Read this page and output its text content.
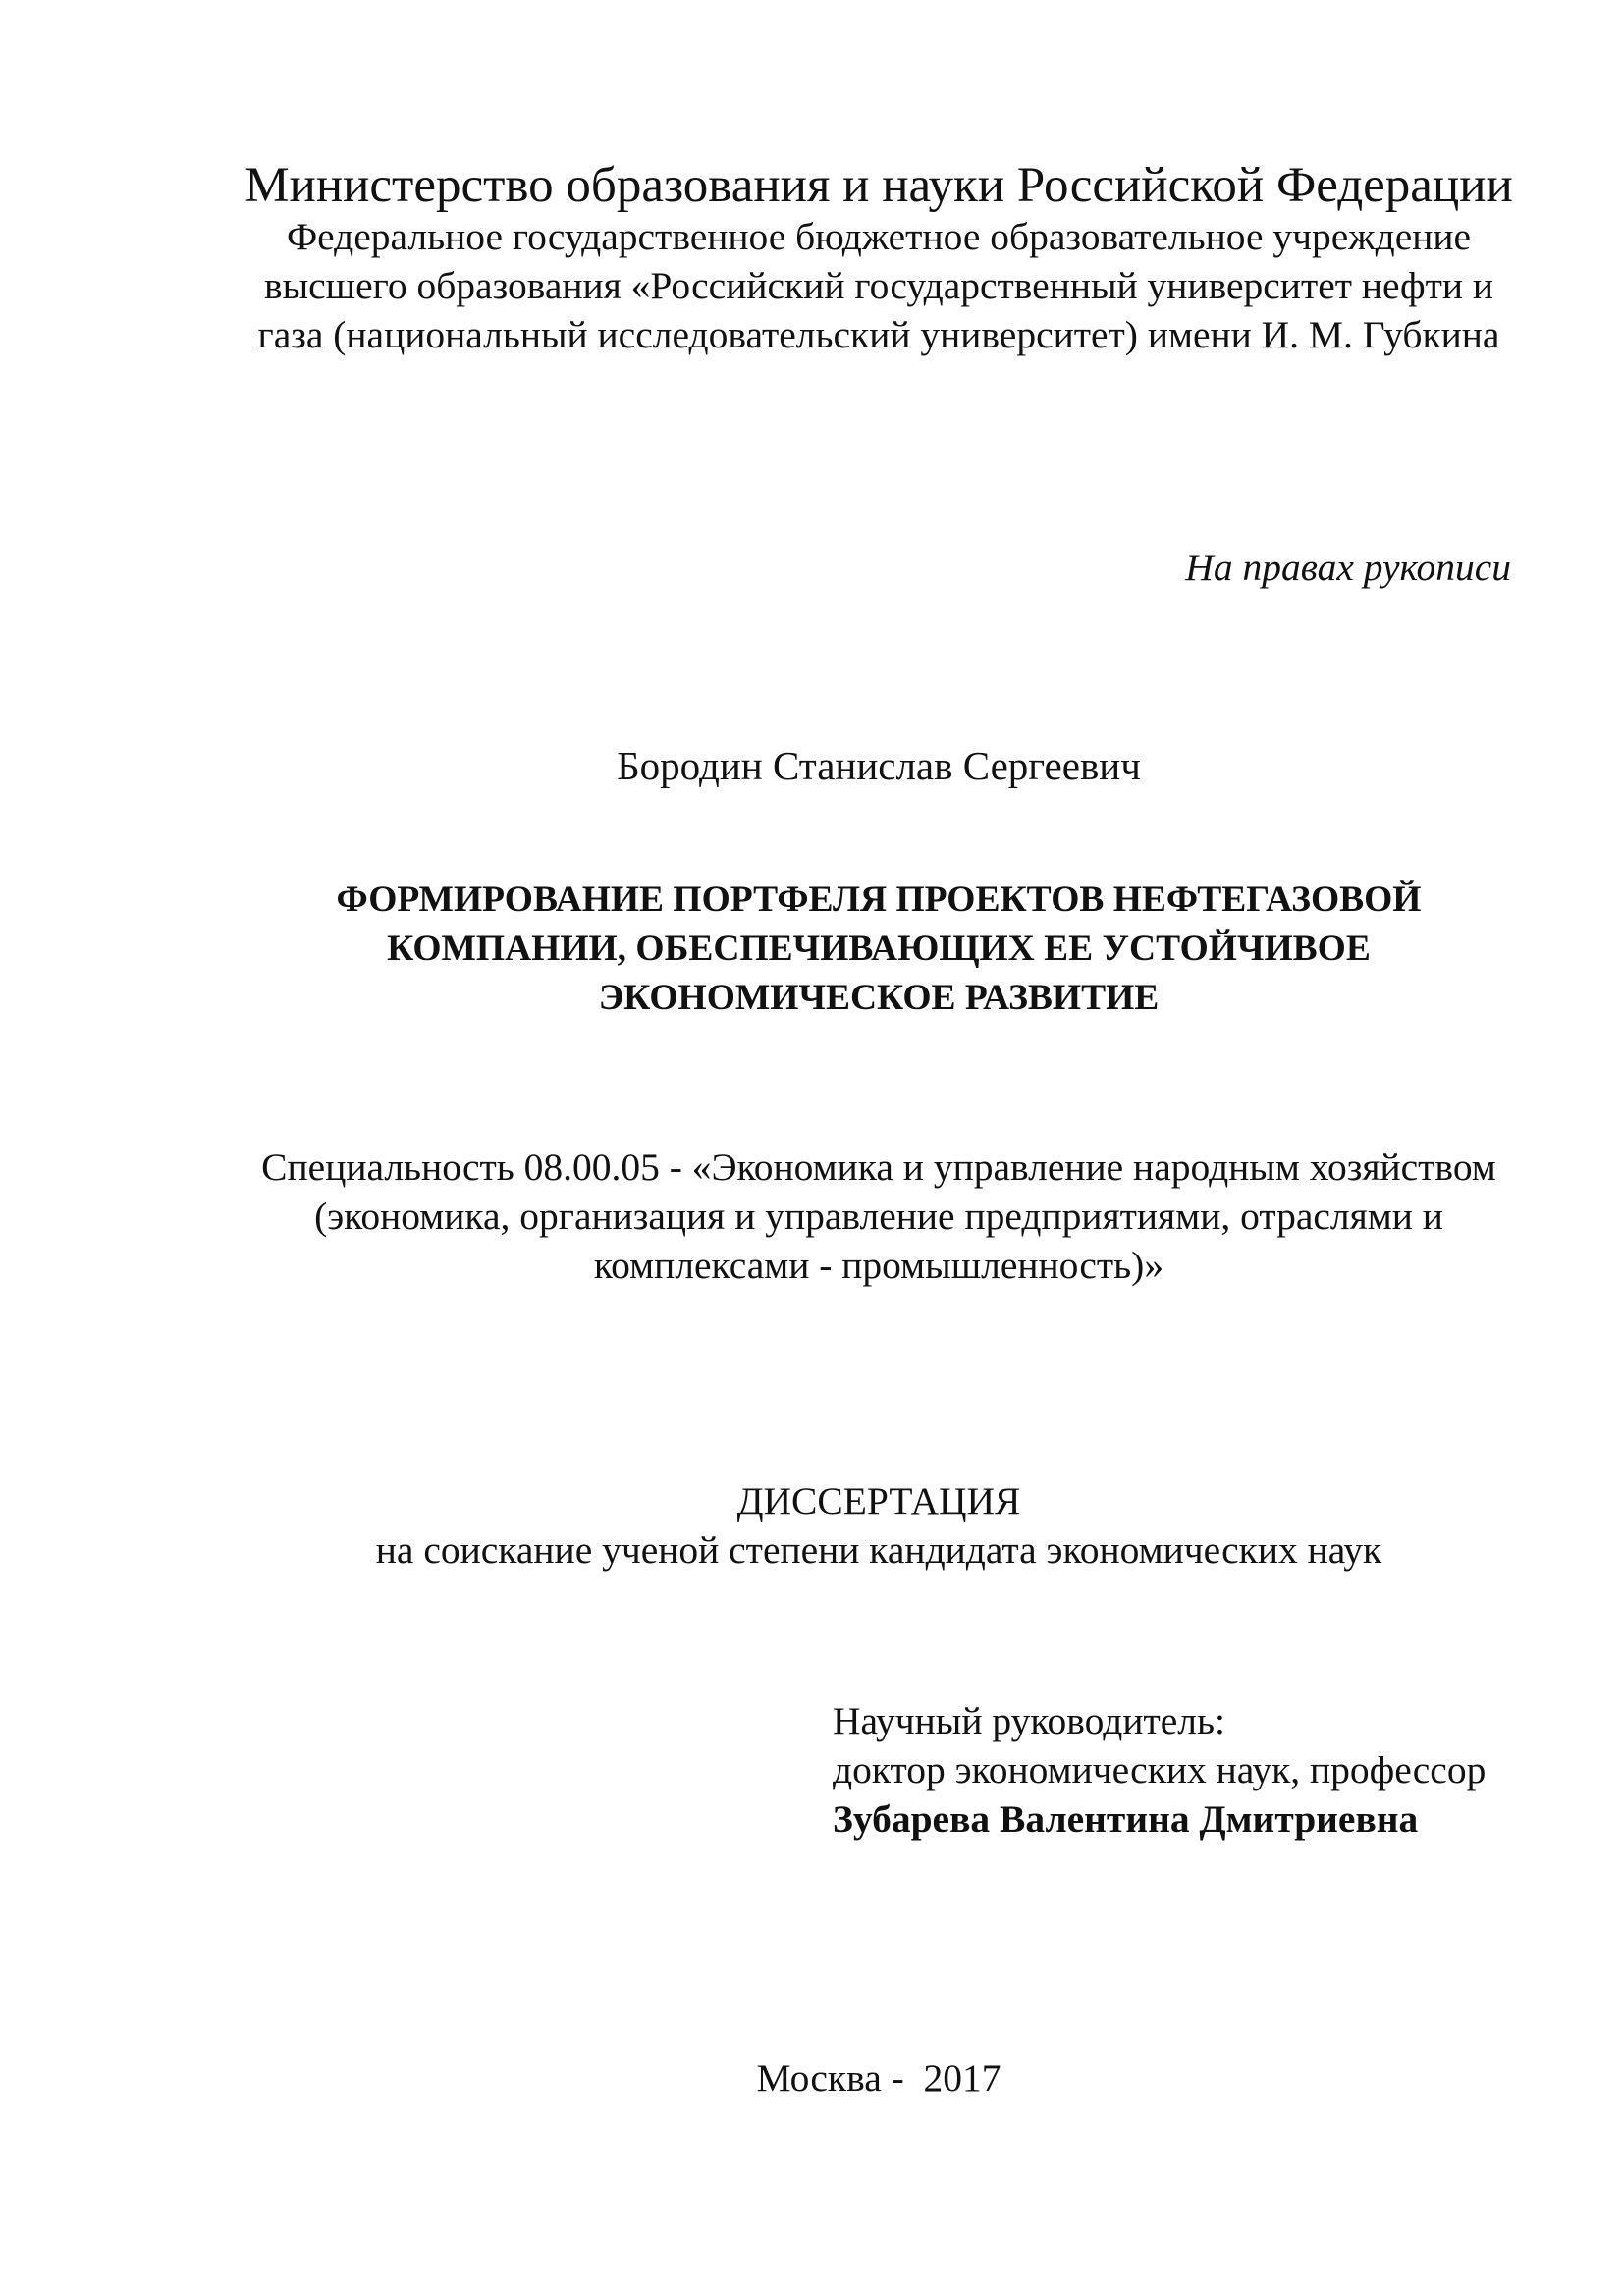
Министерство образования и науки Российской Федерации
Федеральное государственное бюджетное образовательное учреждение
высшего образования «Российский государственный университет нефти и
газа (национальный исследовательский университет) имени И. М. Губкина
На правах рукописи
Бородин Станислав Сергеевич
ФОРМИРОВАНИЕ ПОРТФЕЛЯ ПРОЕКТОВ НЕФТЕГАЗОВОЙ
КОМПАНИИ, ОБЕСПЕЧИВАЮЩИХ ЕЕ УСТОЙЧИВОЕ
ЭКОНОМИЧЕСКОЕ РАЗВИТИЕ
Специальность 08.00.05 - «Экономика и управление народным хозяйством
(экономика, организация и управление предприятиями, отраслями и
комплексами - промышленность)»
ДИССЕРТАЦИЯ
на соискание ученой степени кандидата экономических наук
Научный руководитель:
доктор экономических наук, профессор
Зубарева Валентина Дмитриевна
Москва -  2017
